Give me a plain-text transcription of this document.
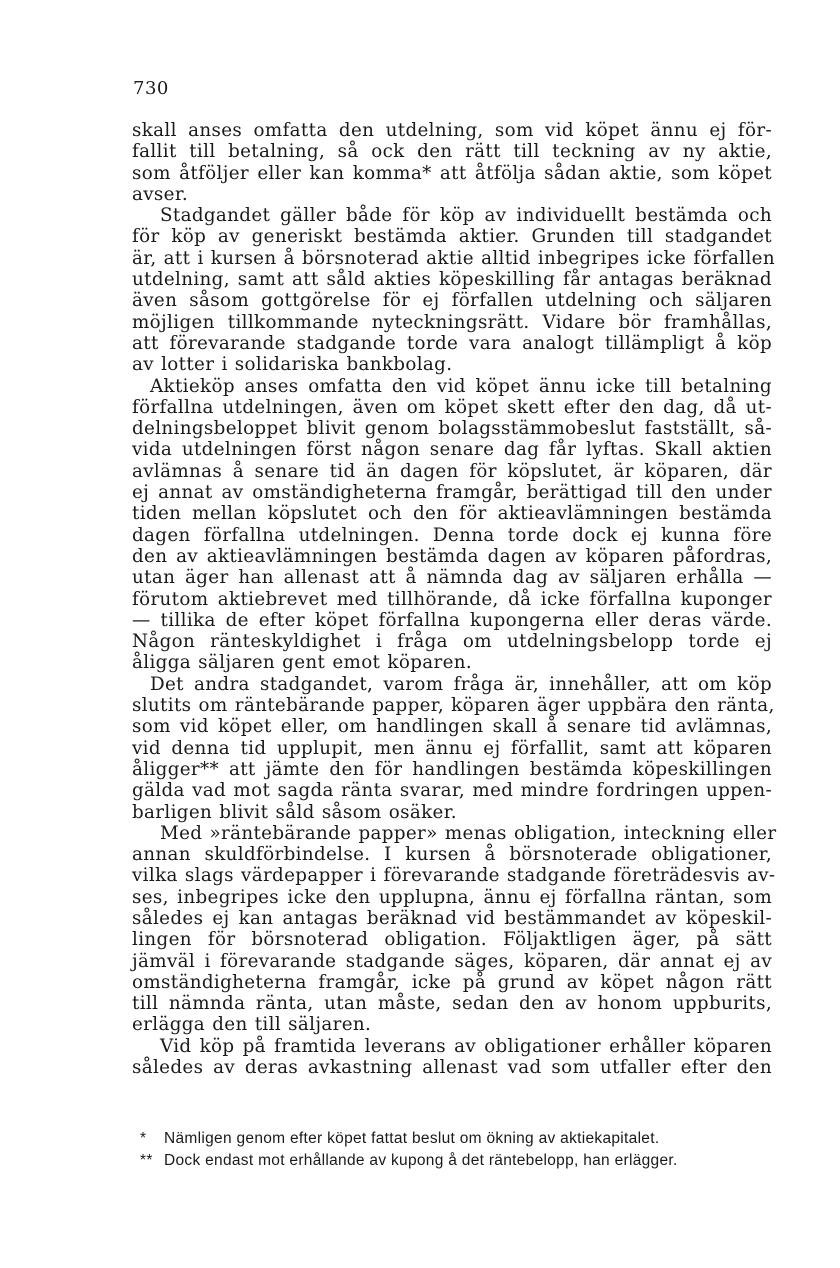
730
skall anses omfatta den utdelning, som vid köpet ännu ej för-
fallit till betalning, så ock den rätt till teckning av ny aktie,
som åtföljer eller kan komma* att åtfölja sådan aktie, som köpet
avser.
Stadgandet gäller både för köp av individuellt bestämda och
för köp av generiskt bestämda aktier. Grunden till stadgandet
är, att i kursen å börsnoterad aktie alltid inbegripes icke förfallen
utdelning, samt att såld akties köpeskilling får antagas beräknad
även såsom gottgörelse för ej förfallen utdelning och säljaren
möjligen tillkommande nyteckningsrätt. Vidare bör framhållas,
att förevarande stadgande torde vara analogt tillämpligt å köp
av lotter i solidariska bankbolag.
Aktieköp anses omfatta den vid köpet ännu icke till betalning
förfallna utdelningen, även om köpet skett efter den dag, då ut-
delningsbeloppet blivit genom bolagsstämmobeslut fastställt, så-
vida utdelningen först någon senare dag får lyftas. Skall aktien
avlämnas å senare tid än dagen för köpslutet, är köparen, där
ej annat av omständigheterna framgår, berättigad till den under
tiden mellan köpslutet och den för aktieavlämningen bestämda
dagen förfallna utdelningen. Denna torde dock ej kunna före
den av aktieavlämningen bestämda dagen av köparen påfordras,
utan äger han allenast att å nämnda dag av säljaren erhålla —
förutom aktiebrevet med tillhörande, då icke förfallna kuponger
— tillika de efter köpet förfallna kupongerna eller deras värde.
Någon ränteskyldighet i fråga om utdelningsbelopp torde ej
åligga säljaren gent emot köparen.
Det andra stadgandet, varom fråga är, innehåller, att om köp
slutits om räntebärande papper, köparen äger uppbära den ränta,
som vid köpet eller, om handlingen skall å senare tid avlämnas,
vid denna tid upplupit, men ännu ej förfallit, samt att köparen
åligger** att jämte den för handlingen bestämda köpeskillingen
gälda vad mot sagda ränta svarar, med mindre fordringen uppen-
barligen blivit såld såsom osäker.
Med »räntebärande papper» menas obligation, inteckning eller
annan skuldförbindelse. I kursen å börsnoterade obligationer,
vilka slags värdepapper i förevarande stadgande företrädesvis av-
ses, inbegripes icke den upplupna, ännu ej förfallna räntan, som
således ej kan antagas beräknad vid bestämmandet av köpeskil-
lingen för börsnoterad obligation. Följaktligen äger, på sätt
jämväl i förevarande stadgande säges, köparen, där annat ej av
omständigheterna framgår, icke på grund av köpet någon rätt
till nämnda ränta, utan måste, sedan den av honom uppburits,
erlägga den till säljaren.
Vid köp på framtida leverans av obligationer erhåller köparen
således av deras avkastning allenast vad som utfaller efter den
* Nämligen genom efter köpet fattat beslut om ökning av aktiekapitalet.
** Dock endast mot erhållande av kupong å det räntebelopp, han erlägger.
